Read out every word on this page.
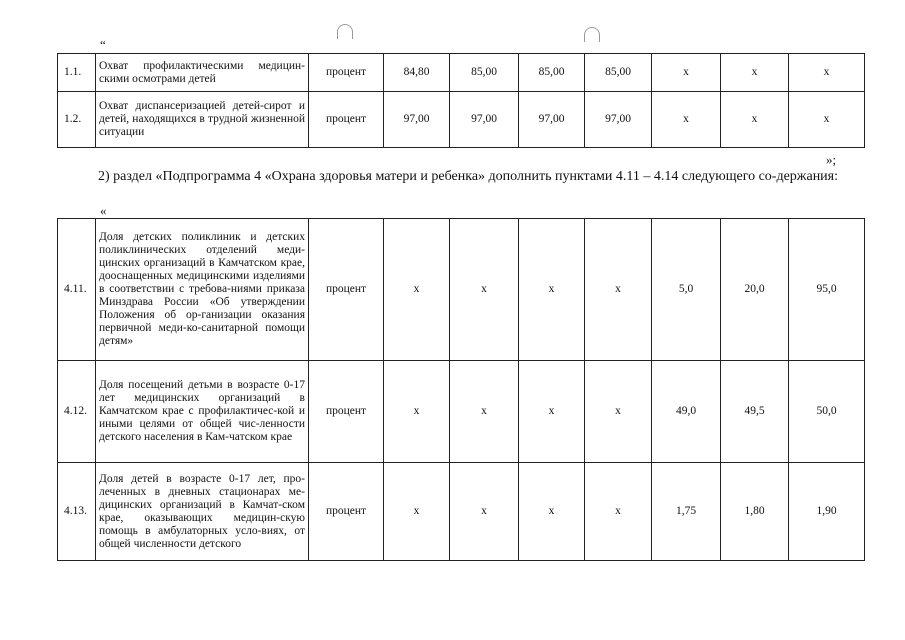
“
1.1.	Охват профилактическими медицин-скими осмотрами детей	процент	84,80	85,00	85,00	85,00	х	х	х
1.2.	Охват диспансеризацией детей-сирот и детей, находящихся в трудной жизненной ситуации	процент	97,00	97,00	97,00	97,00	х	х	х
»;
2) раздел «Подпрограмма 4 «Охрана здоровья матери и ребенка» дополнить пунктами 4.11 – 4.14 следующего со-держания:
«
4.11.	Доля детских поликлиник и детских поликлинических отделений меди-цинских организаций в Камчатском крае, дооснащенных медицинскими изделиями в соответствии с требова-ниями приказа Минздрава России «Об утверждении Положения об ор-ганизации оказания первичной меди-ко-санитарной помощи детям»	процент	х	х	х	х	5,0	20,0	95,0
4.12.	Доля посещений детьми в возрасте 0-17 лет медицинских организаций в Камчатском крае с профилактичес-кой и иными целями от общей чис-ленности детского населения в Кам-чатском крае	процент	х	х	х	х	49,0	49,5	50,0
4.13.	Доля детей в возрасте 0-17 лет, про-леченных в дневных стационарах ме-дицинских организаций в Камчат-ском крае, оказывающих медицин-скую помощь в амбулаторных усло-виях, от общей численности детского	процент	х	х	х	х	1,75	1,80	1,90
